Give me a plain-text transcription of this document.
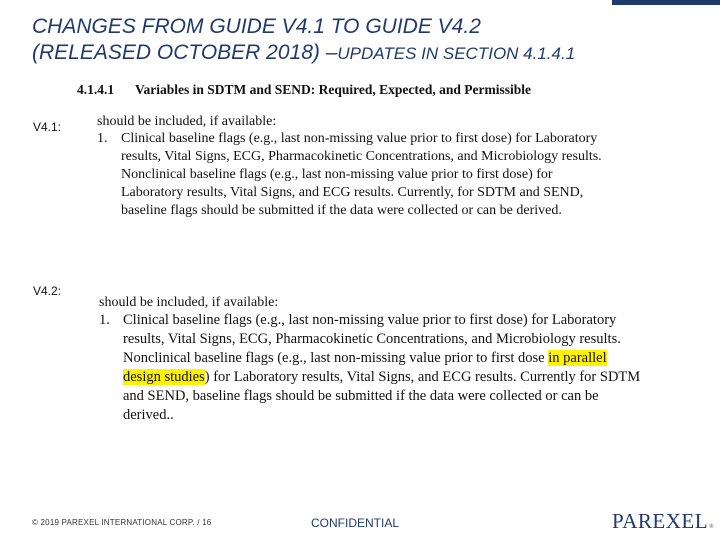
CHANGES FROM GUIDE V4.1 TO GUIDE V4.2
(RELEASED OCTOBER 2018) –UPDATES IN SECTION 4.1.4.1
4.1.4.1 Variables in SDTM and SEND: Required, Expected, and Permissible
V4.1:	should be included, if available:
1. Clinical baseline flags (e.g., last non-missing value prior to first dose) for Laboratory results, Vital Signs, ECG, Pharmacokinetic Concentrations, and Microbiology results. Nonclinical baseline flags (e.g., last non-missing value prior to first dose) for Laboratory results, Vital Signs, and ECG results. Currently, for SDTM and SEND, baseline flags should be submitted if the data were collected or can be derived.
V4.2:
should be included, if available:
1. Clinical baseline flags (e.g., last non-missing value prior to first dose) for Laboratory results, Vital Signs, ECG, Pharmacokinetic Concentrations, and Microbiology results. Nonclinical baseline flags (e.g., last non-missing value prior to first dose in parallel design studies) for Laboratory results, Vital Signs, and ECG results. Currently for SDTM and SEND, baseline flags should be submitted if the data were collected or can be derived..
© 2019 PAREXEL INTERNATIONAL CORP. / 16	CONFIDENTIAL	PAREXEL®
